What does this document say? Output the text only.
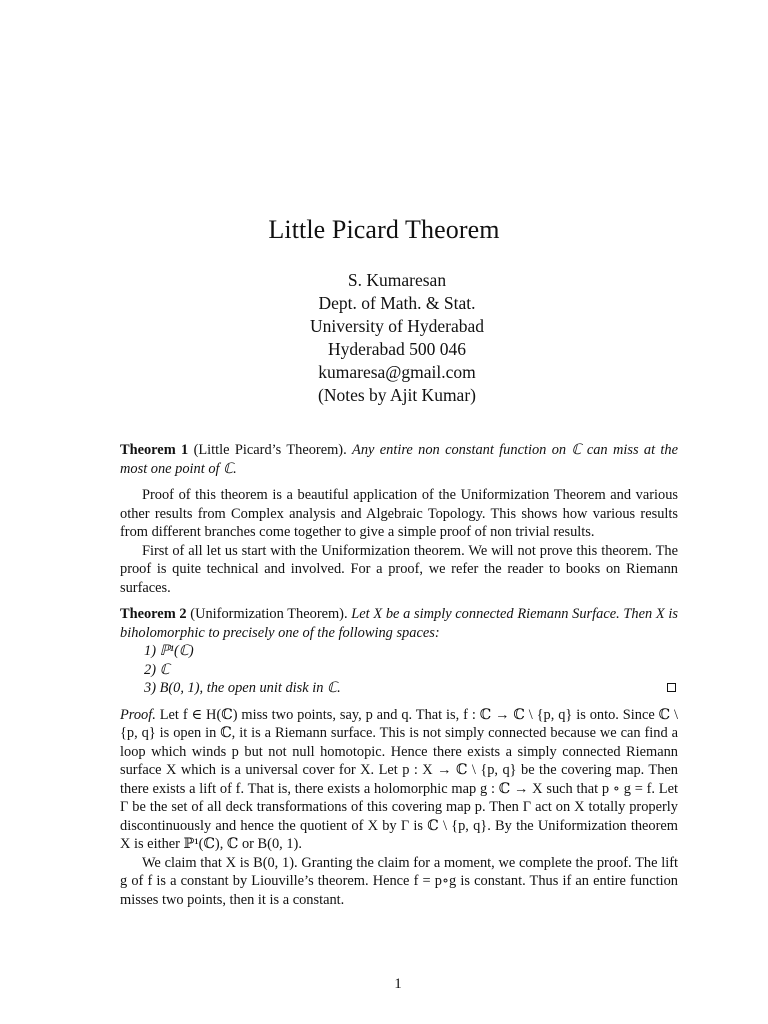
Little Picard Theorem
S. Kumaresan
Dept. of Math. & Stat.
University of Hyderabad
Hyderabad 500 046
kumaresa@gmail.com
(Notes by Ajit Kumar)

Theorem 1 (Little Picard’s Theorem). Any entire non constant function on ℂ can miss at the most one point of ℂ.

Proof of this theorem is a beautiful application of the Uniformization Theorem and various other results from Complex analysis and Algebraic Topology. This shows how various results from different branches come together to give a simple proof of non trivial results.

First of all let us start with the Uniformization theorem. We will not prove this theorem. The proof is quite technical and involved. For a proof, we refer the reader to books on Riemann surfaces.

Theorem 2 (Uniformization Theorem). Let X be a simply connected Riemann Surface. Then X is biholomorphic to precisely one of the following spaces:

1) ℙ¹(ℂ)
2) ℂ
3) B(0, 1), the open unit disk in ℂ.

Proof. Let f ∈ H(ℂ) miss two points, say, p and q. That is, f : ℂ → ℂ \ {p, q} is onto. Since ℂ \ {p, q} is open in ℂ, it is a Riemann surface. This is not simply connected because we can find a loop which winds p but not null homotopic. Hence there exists a simply connected Riemann surface X which is a universal cover for X. Let p : X → ℂ \ {p, q} be the covering map. Then there exists a lift of f. That is, there exists a holomorphic map g : ℂ → X such that p ∘ g = f. Let Γ be the set of all deck transformations of this covering map p. Then Γ act on X totally properly discontinuously and hence the quotient of X by Γ is ℂ \ {p, q}. By the Uniformization theorem X is either ℙ¹(ℂ), ℂ or B(0, 1).

We claim that X is B(0, 1). Granting the claim for a moment, we complete the proof. The lift g of f is a constant by Liouville’s theorem. Hence f = p∘g is constant. Thus if an entire function misses two points, then it is a constant.

1
